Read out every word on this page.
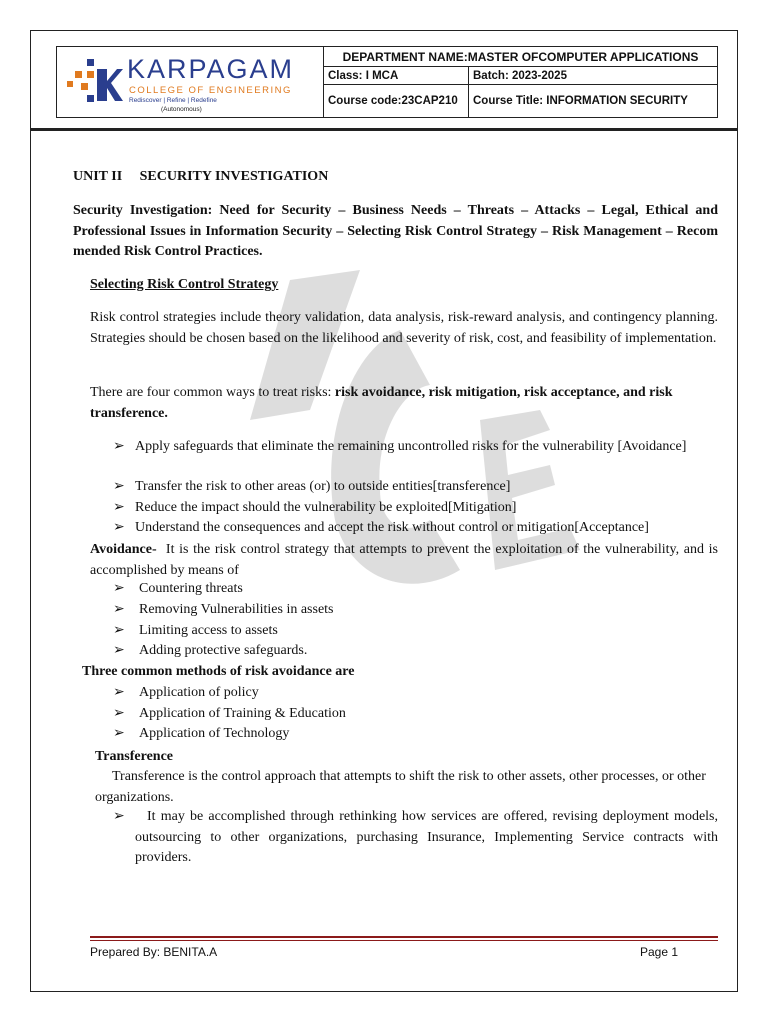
KARPAGAM
COLLEGE OF ENGINEERING
Rediscover | Refine | Redefine
(Autonomous)
DEPARTMENT NAME:MASTER OFCOMPUTER APPLICATIONS
Class: I MCA	Batch: 2023-2025
Course code:23CAP210	Course Title: INFORMATION SECURITY
UNIT II     SECURITY INVESTIGATION
Security Investigation: Need for Security – Business Needs – Threats – Attacks – Legal, Ethical and Professional Issues in Information Security – Selecting Risk Control Strategy – Risk Management – Recom mended Risk Control Practices.
Selecting Risk Control Strategy
Risk control strategies include theory validation, data analysis, risk-reward analysis, and contingency planning. Strategies should be chosen based on the likelihood and severity of risk, cost, and feasibility of implementation.
There are four common ways to treat risks: risk avoidance, risk mitigation, risk acceptance, and risk transference.
➢ Apply safeguards that eliminate the remaining uncontrolled risks for the vulnerability [Avoidance]
➢ Transfer the risk to other areas (or) to outside entities[transference]
➢ Reduce the impact should the vulnerability be exploited[Mitigation]
➢ Understand the consequences and accept the risk without control or mitigation[Acceptance]
Avoidance-  It is the risk control strategy that attempts to prevent the exploitation of the vulnerability, and is accomplished by means of
➢ Countering threats
➢ Removing Vulnerabilities in assets
➢ Limiting access to assets
➢ Adding protective safeguards.
Three common methods of risk avoidance are
➢ Application of policy
➢ Application of Training & Education
➢ Application of Technology
Transference
Transference is the control approach that attempts to shift the risk to other assets, other processes, or other organizations.
➢	It may be accomplished through rethinking how services are offered, revising deployment models, outsourcing to other organizations, purchasing Insurance, Implementing Service contracts with providers.
Prepared By: BENITA.A	Page 1
